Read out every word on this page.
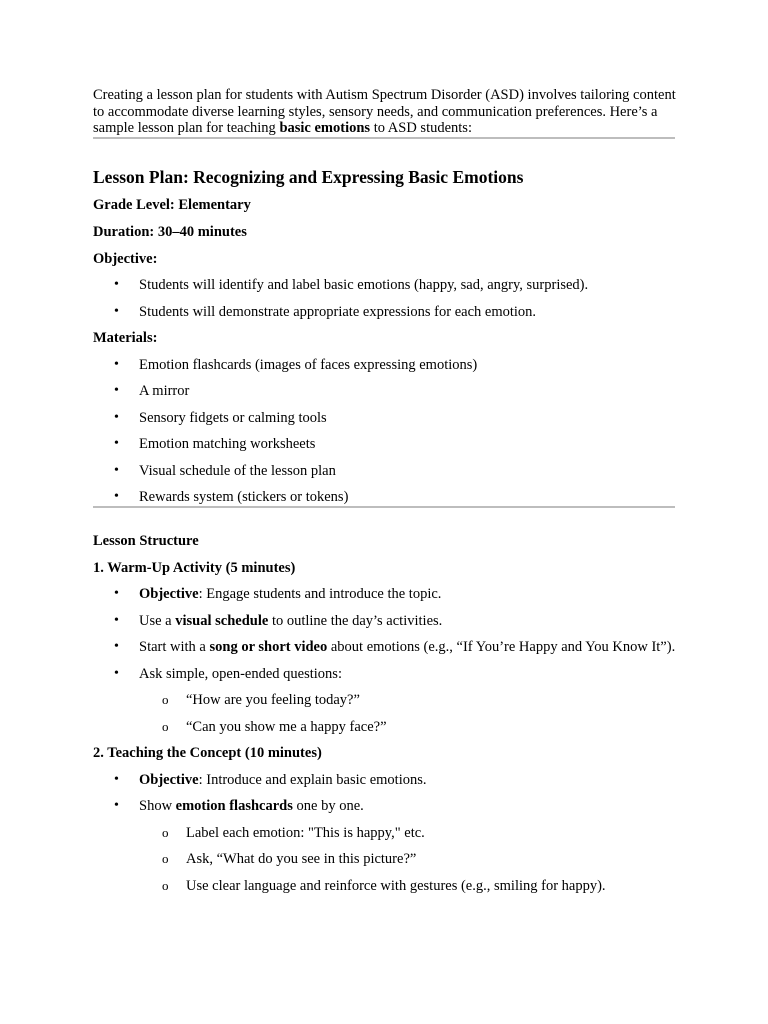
Creating a lesson plan for students with Autism Spectrum Disorder (ASD) involves tailoring content to accommodate diverse learning styles, sensory needs, and communication preferences. Here’s a sample lesson plan for teaching basic emotions to ASD students:

Lesson Plan: Recognizing and Expressing Basic Emotions

Grade Level: Elementary

Duration: 30–40 minutes

Objective:

• Students will identify and label basic emotions (happy, sad, angry, surprised).
• Students will demonstrate appropriate expressions for each emotion.

Materials:

• Emotion flashcards (images of faces expressing emotions)
• A mirror
• Sensory fidgets or calming tools
• Emotion matching worksheets
• Visual schedule of the lesson plan
• Rewards system (stickers or tokens)

Lesson Structure

1. Warm-Up Activity (5 minutes)

• Objective: Engage students and introduce the topic.
• Use a visual schedule to outline the day’s activities.
• Start with a song or short video about emotions (e.g., “If You’re Happy and You Know It”).
• Ask simple, open-ended questions:
o “How are you feeling today?”
o “Can you show me a happy face?”

2. Teaching the Concept (10 minutes)

• Objective: Introduce and explain basic emotions.
• Show emotion flashcards one by one.
o Label each emotion: "This is happy," etc.
o Ask, “What do you see in this picture?”
o Use clear language and reinforce with gestures (e.g., smiling for happy).
